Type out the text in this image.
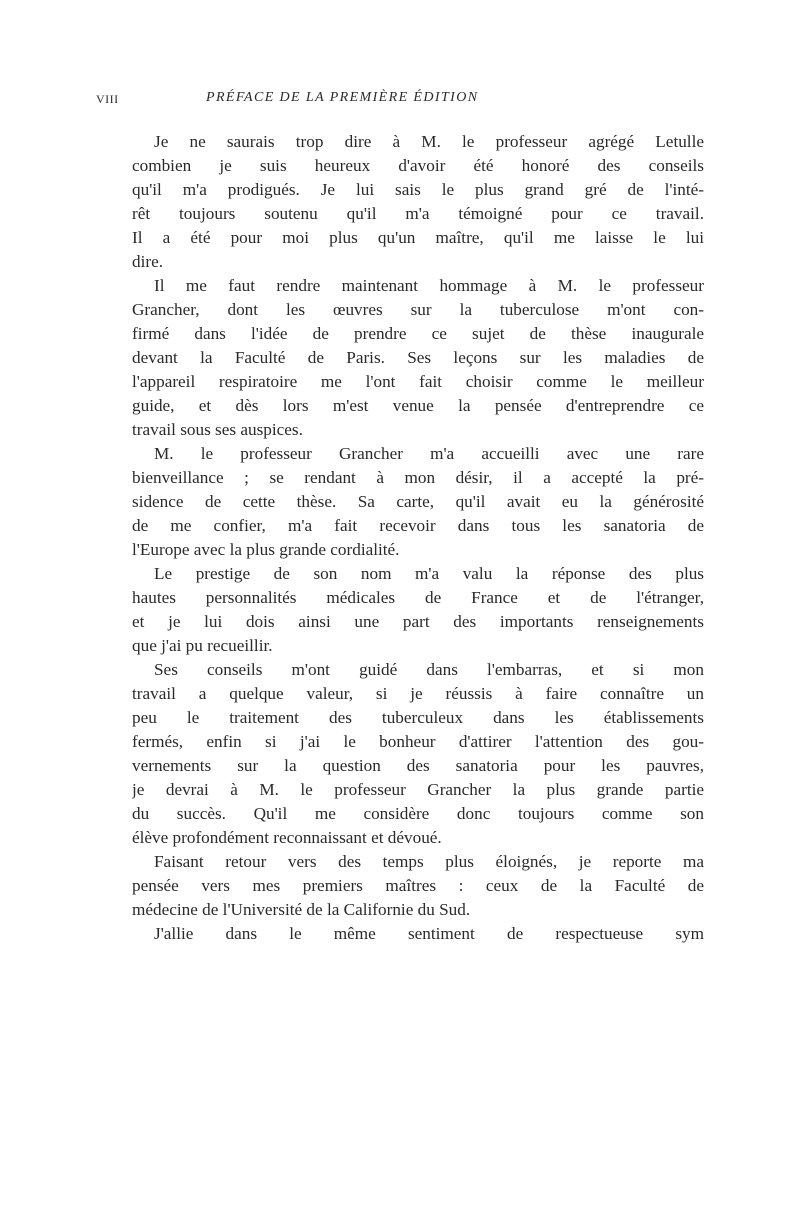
VIII	PRÉFACE DE LA PREMIÈRE ÉDITION
Je ne saurais trop dire à M. le professeur agrégé Letulle
combien je suis heureux d'avoir été honoré des conseils
qu'il m'a prodigués. Je lui sais le plus grand gré de l'inté-
rêt toujours soutenu qu'il m'a témoigné pour ce travail.
Il a été pour moi plus qu'un maître, qu'il me laisse le lui
dire.
Il me faut rendre maintenant hommage à M. le professeur
Grancher, dont les œuvres sur la tuberculose m'ont con-
firmé dans l'idée de prendre ce sujet de thèse inaugurale
devant la Faculté de Paris. Ses leçons sur les maladies de
l'appareil respiratoire me l'ont fait choisir comme le meilleur
guide, et dès lors m'est venue la pensée d'entreprendre ce
travail sous ses auspices.
M. le professeur Grancher m'a accueilli avec une rare
bienveillance ; se rendant à mon désir, il a accepté la pré-
sidence de cette thèse. Sa carte, qu'il avait eu la générosité
de me confier, m'a fait recevoir dans tous les sanatoria de
l'Europe avec la plus grande cordialité.
Le prestige de son nom m'a valu la réponse des plus
hautes personnalités médicales de France et de l'étranger,
et je lui dois ainsi une part des importants renseignements
que j'ai pu recueillir.
Ses conseils m'ont guidé dans l'embarras, et si mon
travail a quelque valeur, si je réussis à faire connaître un
peu le traitement des tuberculeux dans les établissements
fermés, enfin si j'ai le bonheur d'attirer l'attention des gou-
vernements sur la question des sanatoria pour les pauvres,
je devrai à M. le professeur Grancher la plus grande partie
du succès. Qu'il me considère donc toujours comme son
élève profondément reconnaissant et dévoué.
Faisant retour vers des temps plus éloignés, je reporte ma
pensée vers mes premiers maîtres : ceux de la Faculté de
médecine de l'Université de la Californie du Sud.
J'allie dans le même sentiment de respectueuse sym
